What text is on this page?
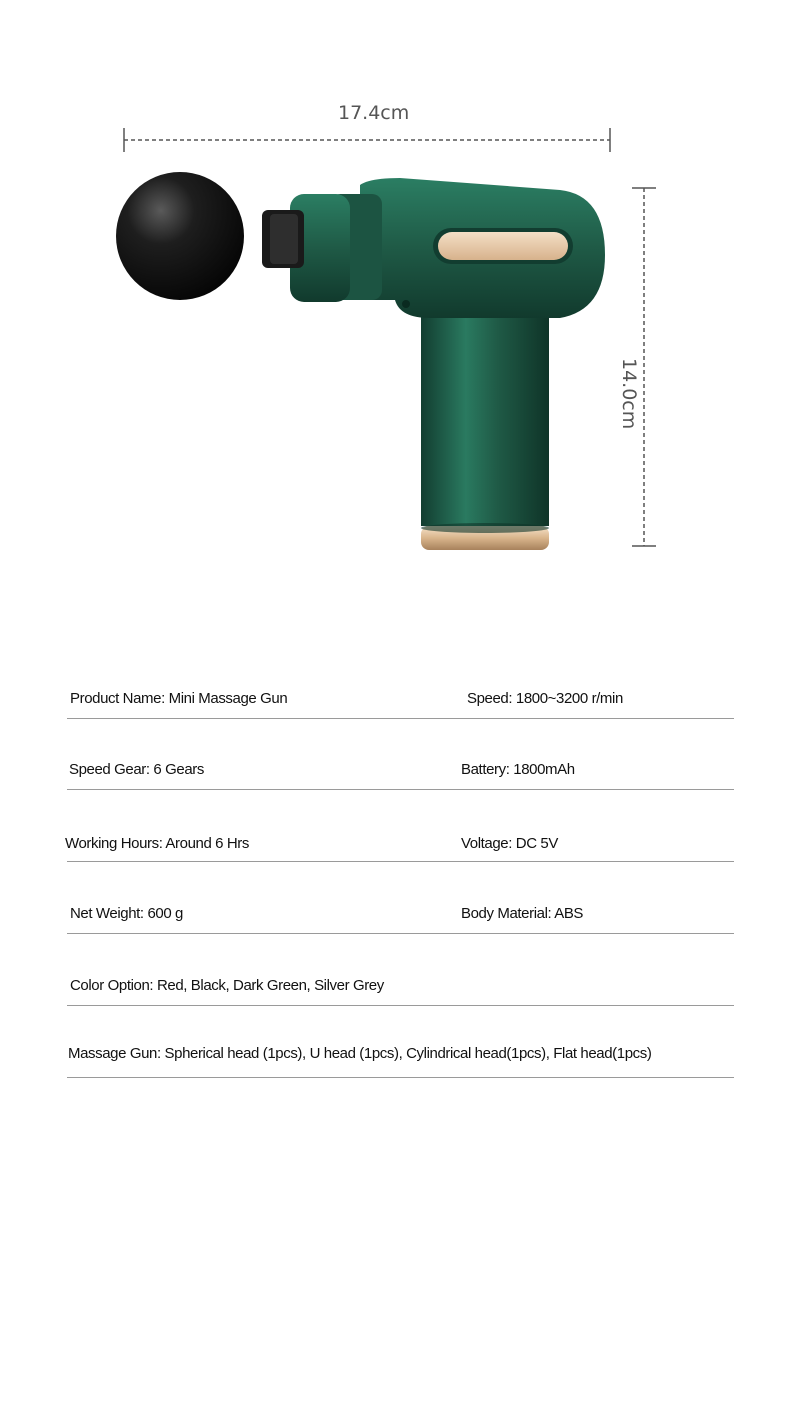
17.4cm
14.0cm
Product Name: Mini Massage Gun	Speed: 1800~3200 r/min
Speed Gear: 6 Gears	Battery: 1800mAh
Working Hours: Around 6 Hrs	Voltage: DC 5V
Net Weight: 600 g	Body Material: ABS
Color Option: Red, Black, Dark Green, Silver Grey
Massage Gun: Spherical head (1pcs), U head (1pcs), Cylindrical head(1pcs), Flat head(1pcs)
